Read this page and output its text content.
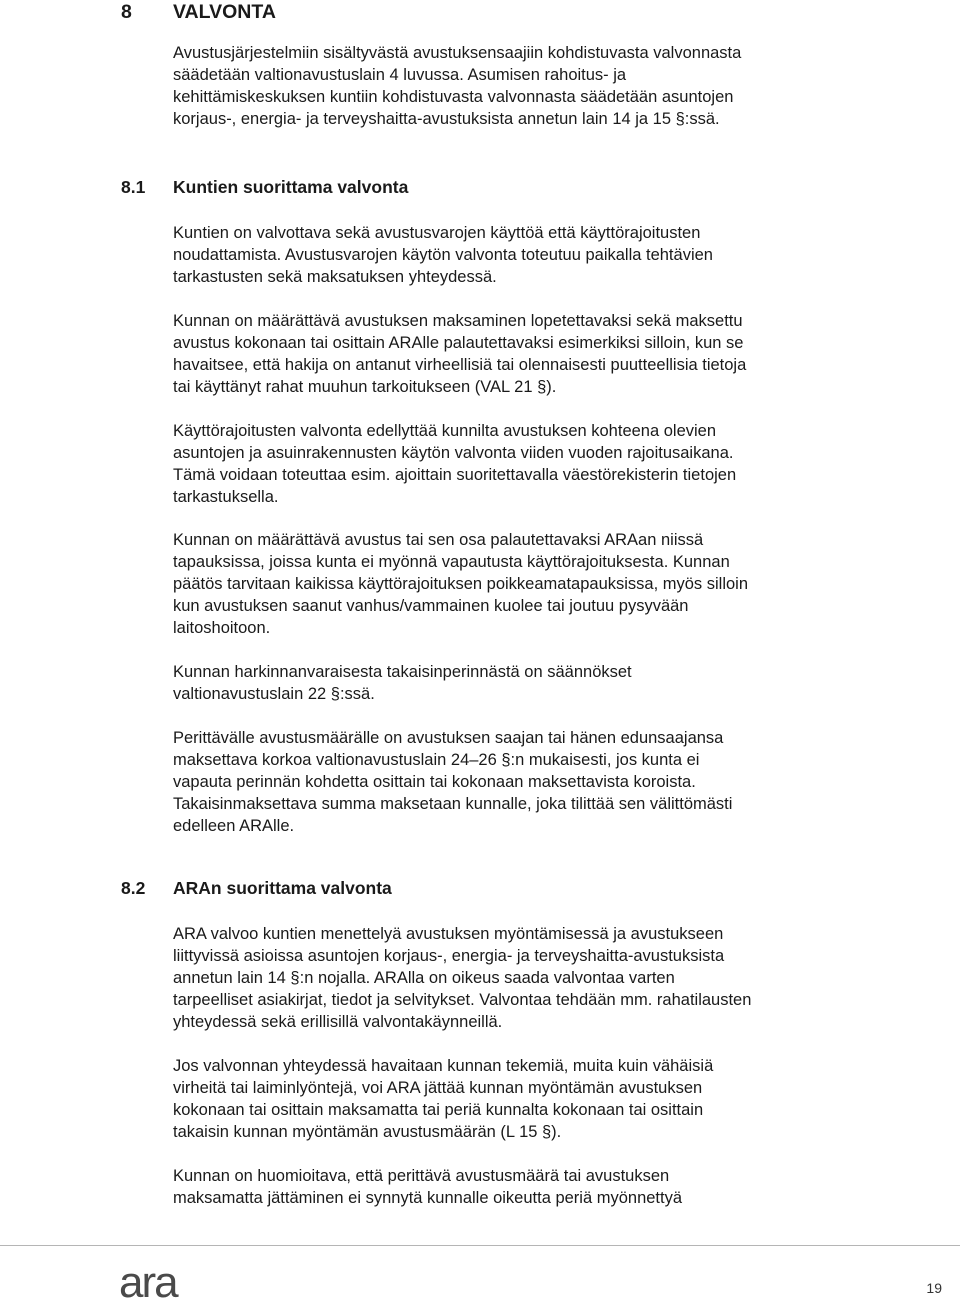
8 VALVONTA
Avustusjärjestelmiin sisältyvästä avustuksensaajiin kohdistuvasta valvonnasta
säädetään valtionavustuslain 4 luvussa. Asumisen rahoitus- ja
kehittämiskeskuksen kuntiin kohdistuvasta valvonnasta säädetään asuntojen
korjaus-, energia- ja terveyshaitta-avustuksista annetun lain 14 ja 15 §:ssä.
8.1 Kuntien suorittama valvonta
Kuntien on valvottava sekä avustusvarojen käyttöä että käyttörajoitusten
noudattamista. Avustusvarojen käytön valvonta toteutuu paikalla tehtävien
tarkastusten sekä maksatuksen yhteydessä.
Kunnan on määrättävä avustuksen maksaminen lopetettavaksi sekä maksettu
avustus kokonaan tai osittain ARAlle palautettavaksi esimerkiksi silloin, kun se
havaitsee, että hakija on antanut virheellisiä tai olennaisesti puutteellisia tietoja
tai käyttänyt rahat muuhun tarkoitukseen (VAL 21 §).
Käyttörajoitusten valvonta edellyttää kunnilta avustuksen kohteena olevien
asuntojen ja asuinrakennusten käytön valvonta viiden vuoden rajoitusaikana.
Tämä voidaan toteuttaa esim. ajoittain suoritettavalla väestörekisterin tietojen
tarkastuksella.
Kunnan on määrättävä avustus tai sen osa palautettavaksi ARAan niissä
tapauksissa, joissa kunta ei myönnä vapautusta käyttörajoituksesta. Kunnan
päätös tarvitaan kaikissa käyttörajoituksen poikkeamatapauksissa, myös silloin
kun avustuksen saanut vanhus/vammainen kuolee tai joutuu pysyvään
laitoshoitoon.
Kunnan harkinnanvaraisesta takaisinperinnästä on säännökset
valtionavustuslain 22 §:ssä.
Perittävälle avustusmäärälle on avustuksen saajan tai hänen edunsaajansa
maksettava korkoa valtionavustuslain 24–26 §:n mukaisesti, jos kunta ei
vapauta perinnän kohdetta osittain tai kokonaan maksettavista koroista.
Takaisinmaksettava summa maksetaan kunnalle, joka tilittää sen välittömästi
edelleen ARAlle.
8.2 ARAn suorittama valvonta
ARA valvoo kuntien menettelyä avustuksen myöntämisessä ja avustukseen
liittyvissä asioissa asuntojen korjaus-, energia- ja terveyshaitta-avustuksista
annetun lain 14 §:n nojalla. ARAlla on oikeus saada valvontaa varten
tarpeelliset asiakirjat, tiedot ja selvitykset. Valvontaa tehdään mm. rahatilausten
yhteydessä sekä erillisillä valvontakäynneillä.
Jos valvonnan yhteydessä havaitaan kunnan tekemiä, muita kuin vähäisiä
virheitä tai laiminlyöntejä, voi ARA jättää kunnan myöntämän avustuksen
kokonaan tai osittain maksamatta tai periä kunnalta kokonaan tai osittain
takaisin kunnan myöntämän avustusmäärän (L 15 §).
Kunnan on huomioitava, että perittävä avustusmäärä tai avustuksen
maksamatta jättäminen ei synnytä kunnalle oikeutta periä myönnettyä
ara	19
